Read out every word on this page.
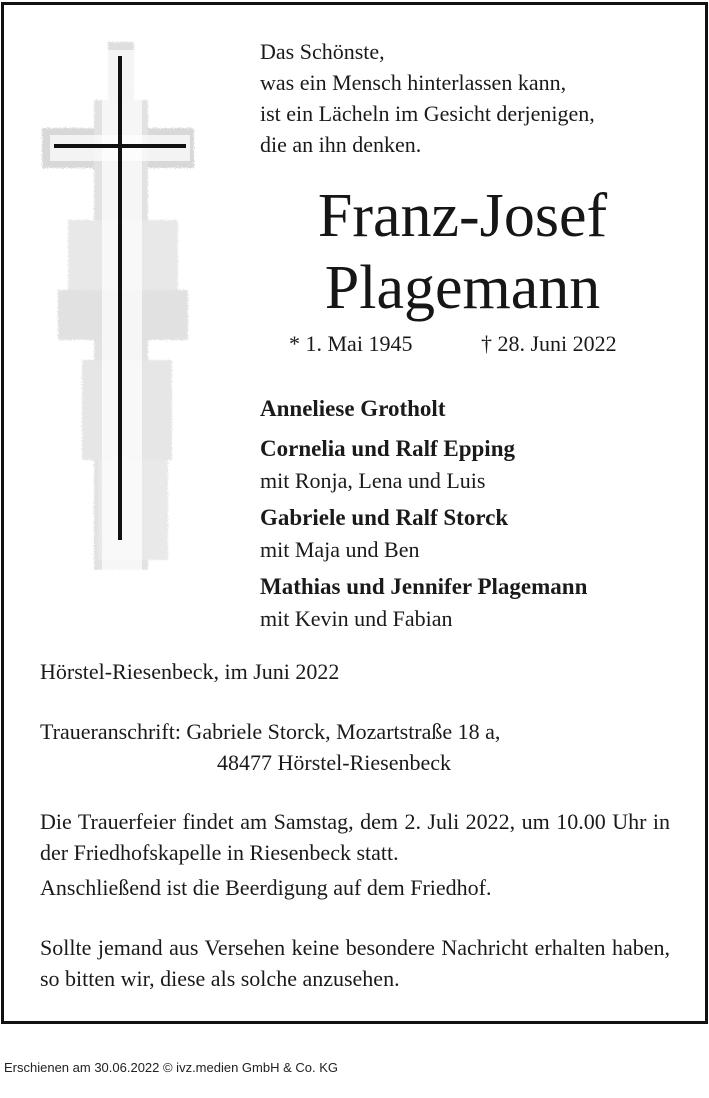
Das Schönste,
was ein Mensch hinterlassen kann,
ist ein Lächeln im Gesicht derjenigen,
die an ihn denken.
Franz-Josef
Plagemann
* 1. Mai 1945	† 28. Juni 2022
Anneliese Grotholt
Cornelia und Ralf Epping
mit Ronja, Lena und Luis
Gabriele und Ralf Storck
mit Maja und Ben
Mathias und Jennifer Plagemann
mit Kevin und Fabian
Hörstel-Riesenbeck, im Juni 2022
Traueranschrift: Gabriele Storck, Mozartstraße 18 a,
48477 Hörstel-Riesenbeck
Die Trauerfeier findet am Samstag, dem 2. Juli 2022, um 10.00 Uhr in der Friedhofskapelle in Riesenbeck statt.
Anschließend ist die Beerdigung auf dem Friedhof.
Sollte jemand aus Versehen keine besondere Nachricht erhalten haben, so bitten wir, diese als solche anzusehen.
Erschienen am 30.06.2022 © ivz.medien GmbH & Co. KG
